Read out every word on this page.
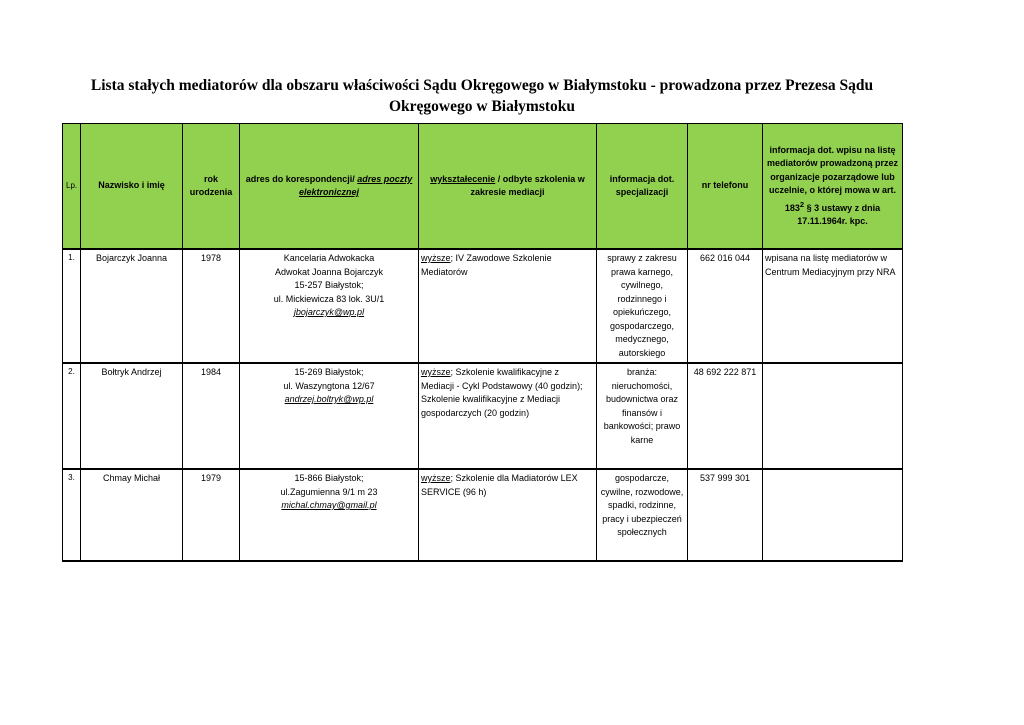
Lista stałych mediatorów dla obszaru właściwości Sądu Okręgowego w Białymstoku - prowadzona przez Prezesa Sądu
Okręgowego w Białymstoku
Lp.	Nazwisko i imię	rok urodzenia	adres do korespondencji/ adres poczty elektronicznej	wykształecenie / odbyte szkolenia w zakresie mediacji	informacja dot. specjalizacji	nr telefonu	informacja dot. wpisu na listę mediatorów prowadzoną przez organizacje pozarządowe lub uczelnie, o której mowa w art. $183^2$ § 3 ustawy z dnia 17.11.1964r. kpc.
1.	Bojarczyk Joanna	1978	Kancelaria Adwokacka
Adwokat Joanna Bojarczyk
15-257 Białystok;
ul. Mickiewicza 83 lok. 3U/1
jbojarczyk@wp.pl	wyższe; IV Zawodowe Szkolenie Mediatorów	sprawy z zakresu prawa karnego, cywilnego, rodzinnego i opiekuńczego, gospodarczego, medycznego, autorskiego	662 016 044	wpisana na listę mediatorów w Centrum Mediacyjnym przy NRA
2.	Bołtryk Andrzej	1984	15-269 Białystok;
ul. Waszyngtona 12/67
andrzej.boltryk@wp.pl	wyższe; Szkolenie kwalifikacyjne z Mediacji - Cykl Podstawowy (40 godzin); Szkolenie kwalifikacyjne z Mediacji gospodarczych (20 godzin)	branża: nieruchomości, budownictwa oraz finansów i bankowości; prawo karne	48 692 222 871	
3.	Chmay Michał	1979	15-866 Białystok;
ul.Zagumienna 9/1 m 23
michal.chmay@gmail.pl	wyższe; Szkolenie dla Madiatorów LEX SERVICE (96 h)	gospodarcze, cywilne, rozwodowe, spadki, rodzinne, pracy i ubezpieczeń społecznych	537 999 301	
